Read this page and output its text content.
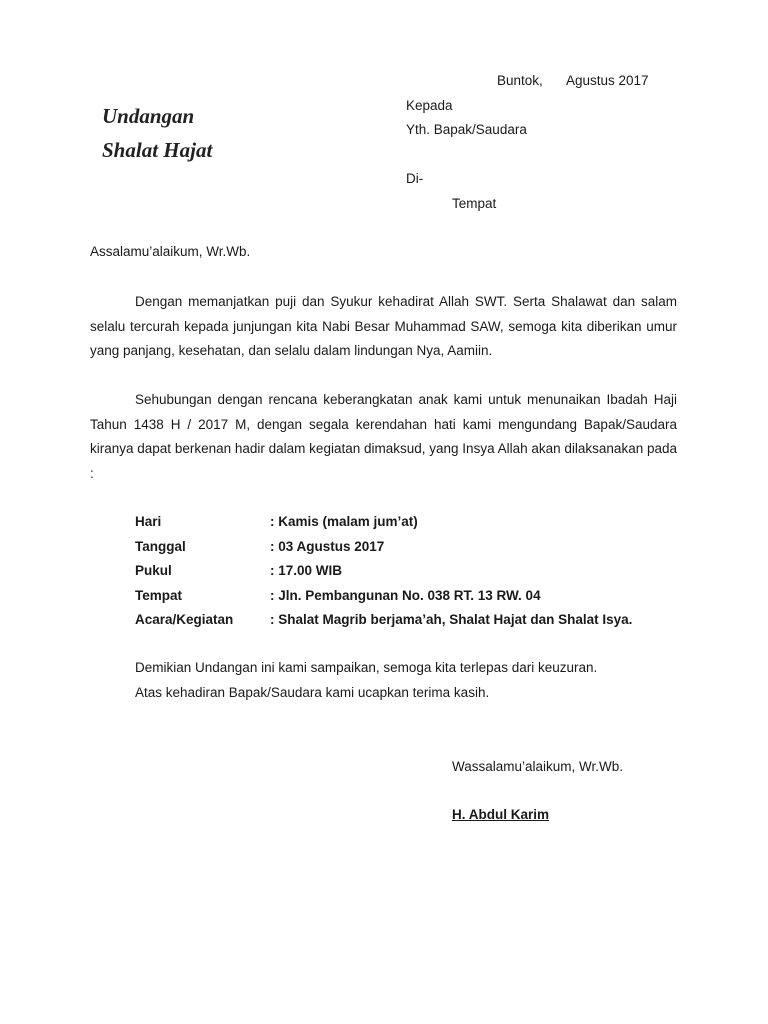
Buntok, Agustus 2017
Undangan
Shalat Hajat
Kepada
Yth. Bapak/Saudara
Di-
Tempat
Assalamu’alaikum, Wr.Wb.
Dengan memanjatkan puji dan Syukur kehadirat Allah SWT. Serta Shalawat dan salam selalu tercurah kepada junjungan kita Nabi Besar Muhammad SAW, semoga kita diberikan umur yang panjang, kesehatan, dan selalu dalam lindungan Nya, Aamiin.
Sehubungan dengan rencana keberangkatan anak kami untuk menunaikan Ibadah Haji Tahun 1438 H / 2017 M, dengan segala kerendahan hati kami mengundang Bapak/Saudara kiranya dapat berkenan hadir dalam kegiatan dimaksud, yang Insya Allah akan dilaksanakan pada :
Hari	: Kamis (malam jum’at)
Tanggal	: 03 Agustus 2017
Pukul	: 17.00 WIB
Tempat	: Jln. Pembangunan No. 038 RT. 13 RW. 04
Acara/Kegiatan	: Shalat Magrib berjama’ah, Shalat Hajat dan Shalat Isya.
Demikian Undangan ini kami sampaikan, semoga kita terlepas dari keuzuran.
Atas kehadiran Bapak/Saudara kami ucapkan terima kasih.
Wassalamu’alaikum, Wr.Wb.
H. Abdul Karim
